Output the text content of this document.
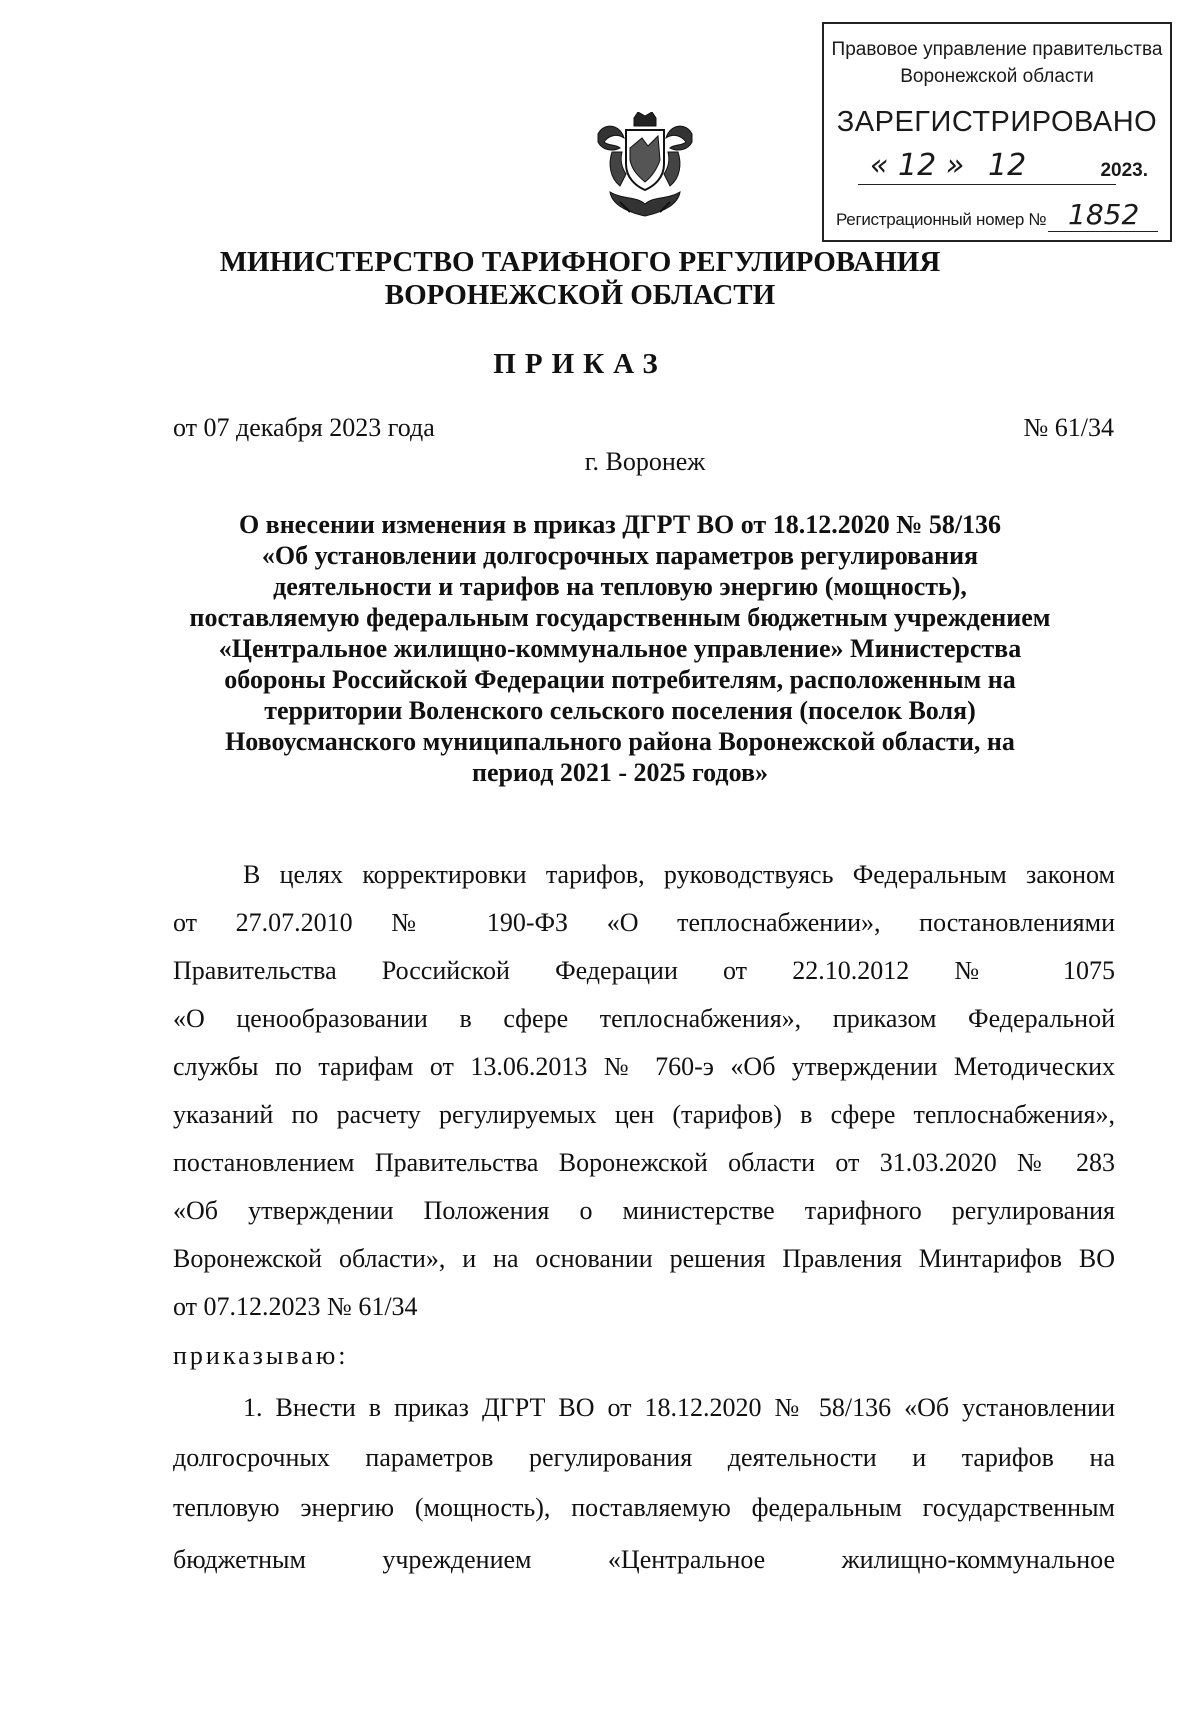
Правовое управление правительства
Воронежской области
ЗАРЕГИСТРИРОВАНО
« 12 » 12	2023.
Регистрационный номер № 1852
МИНИСТЕРСТВО ТАРИФНОГО РЕГУЛИРОВАНИЯ
ВОРОНЕЖСКОЙ ОБЛАСТИ
ПРИКАЗ
от 07 декабря 2023 года	№ 61/34
г. Воронеж
О внесении изменения в приказ ДГРТ ВО от 18.12.2020 № 58/136
«Об установлении долгосрочных параметров регулирования
деятельности и тарифов на тепловую энергию (мощность),
поставляемую федеральным государственным бюджетным учреждением
«Центральное жилищно-коммунальное управление» Министерства
обороны Российской Федерации потребителям, расположенным на
территории Воленского сельского поселения (поселок Воля)
Новоусманского муниципального района Воронежской области, на
период 2021 - 2025 годов»
В целях корректировки тарифов, руководствуясь Федеральным законом
от 27.07.2010 № 190-ФЗ «О теплоснабжении», постановлениями
Правительства Российской Федерации от 22.10.2012 № 1075
«О ценообразовании в сфере теплоснабжения», приказом Федеральной
службы по тарифам от 13.06.2013 № 760-э «Об утверждении Методических
указаний по расчету регулируемых цен (тарифов) в сфере теплоснабжения»,
постановлением Правительства Воронежской области от 31.03.2020 № 283
«Об утверждении Положения о министерстве тарифного регулирования
Воронежской области», и на основании решения Правления Минтарифов ВО
от 07.12.2023 № 61/34
приказываю:
1. Внести в приказ ДГРТ ВО от 18.12.2020 № 58/136 «Об установлении
долгосрочных параметров регулирования деятельности и тарифов на
тепловую энергию (мощность), поставляемую федеральным государственным
бюджетным учреждением «Центральное жилищно-коммунальное
